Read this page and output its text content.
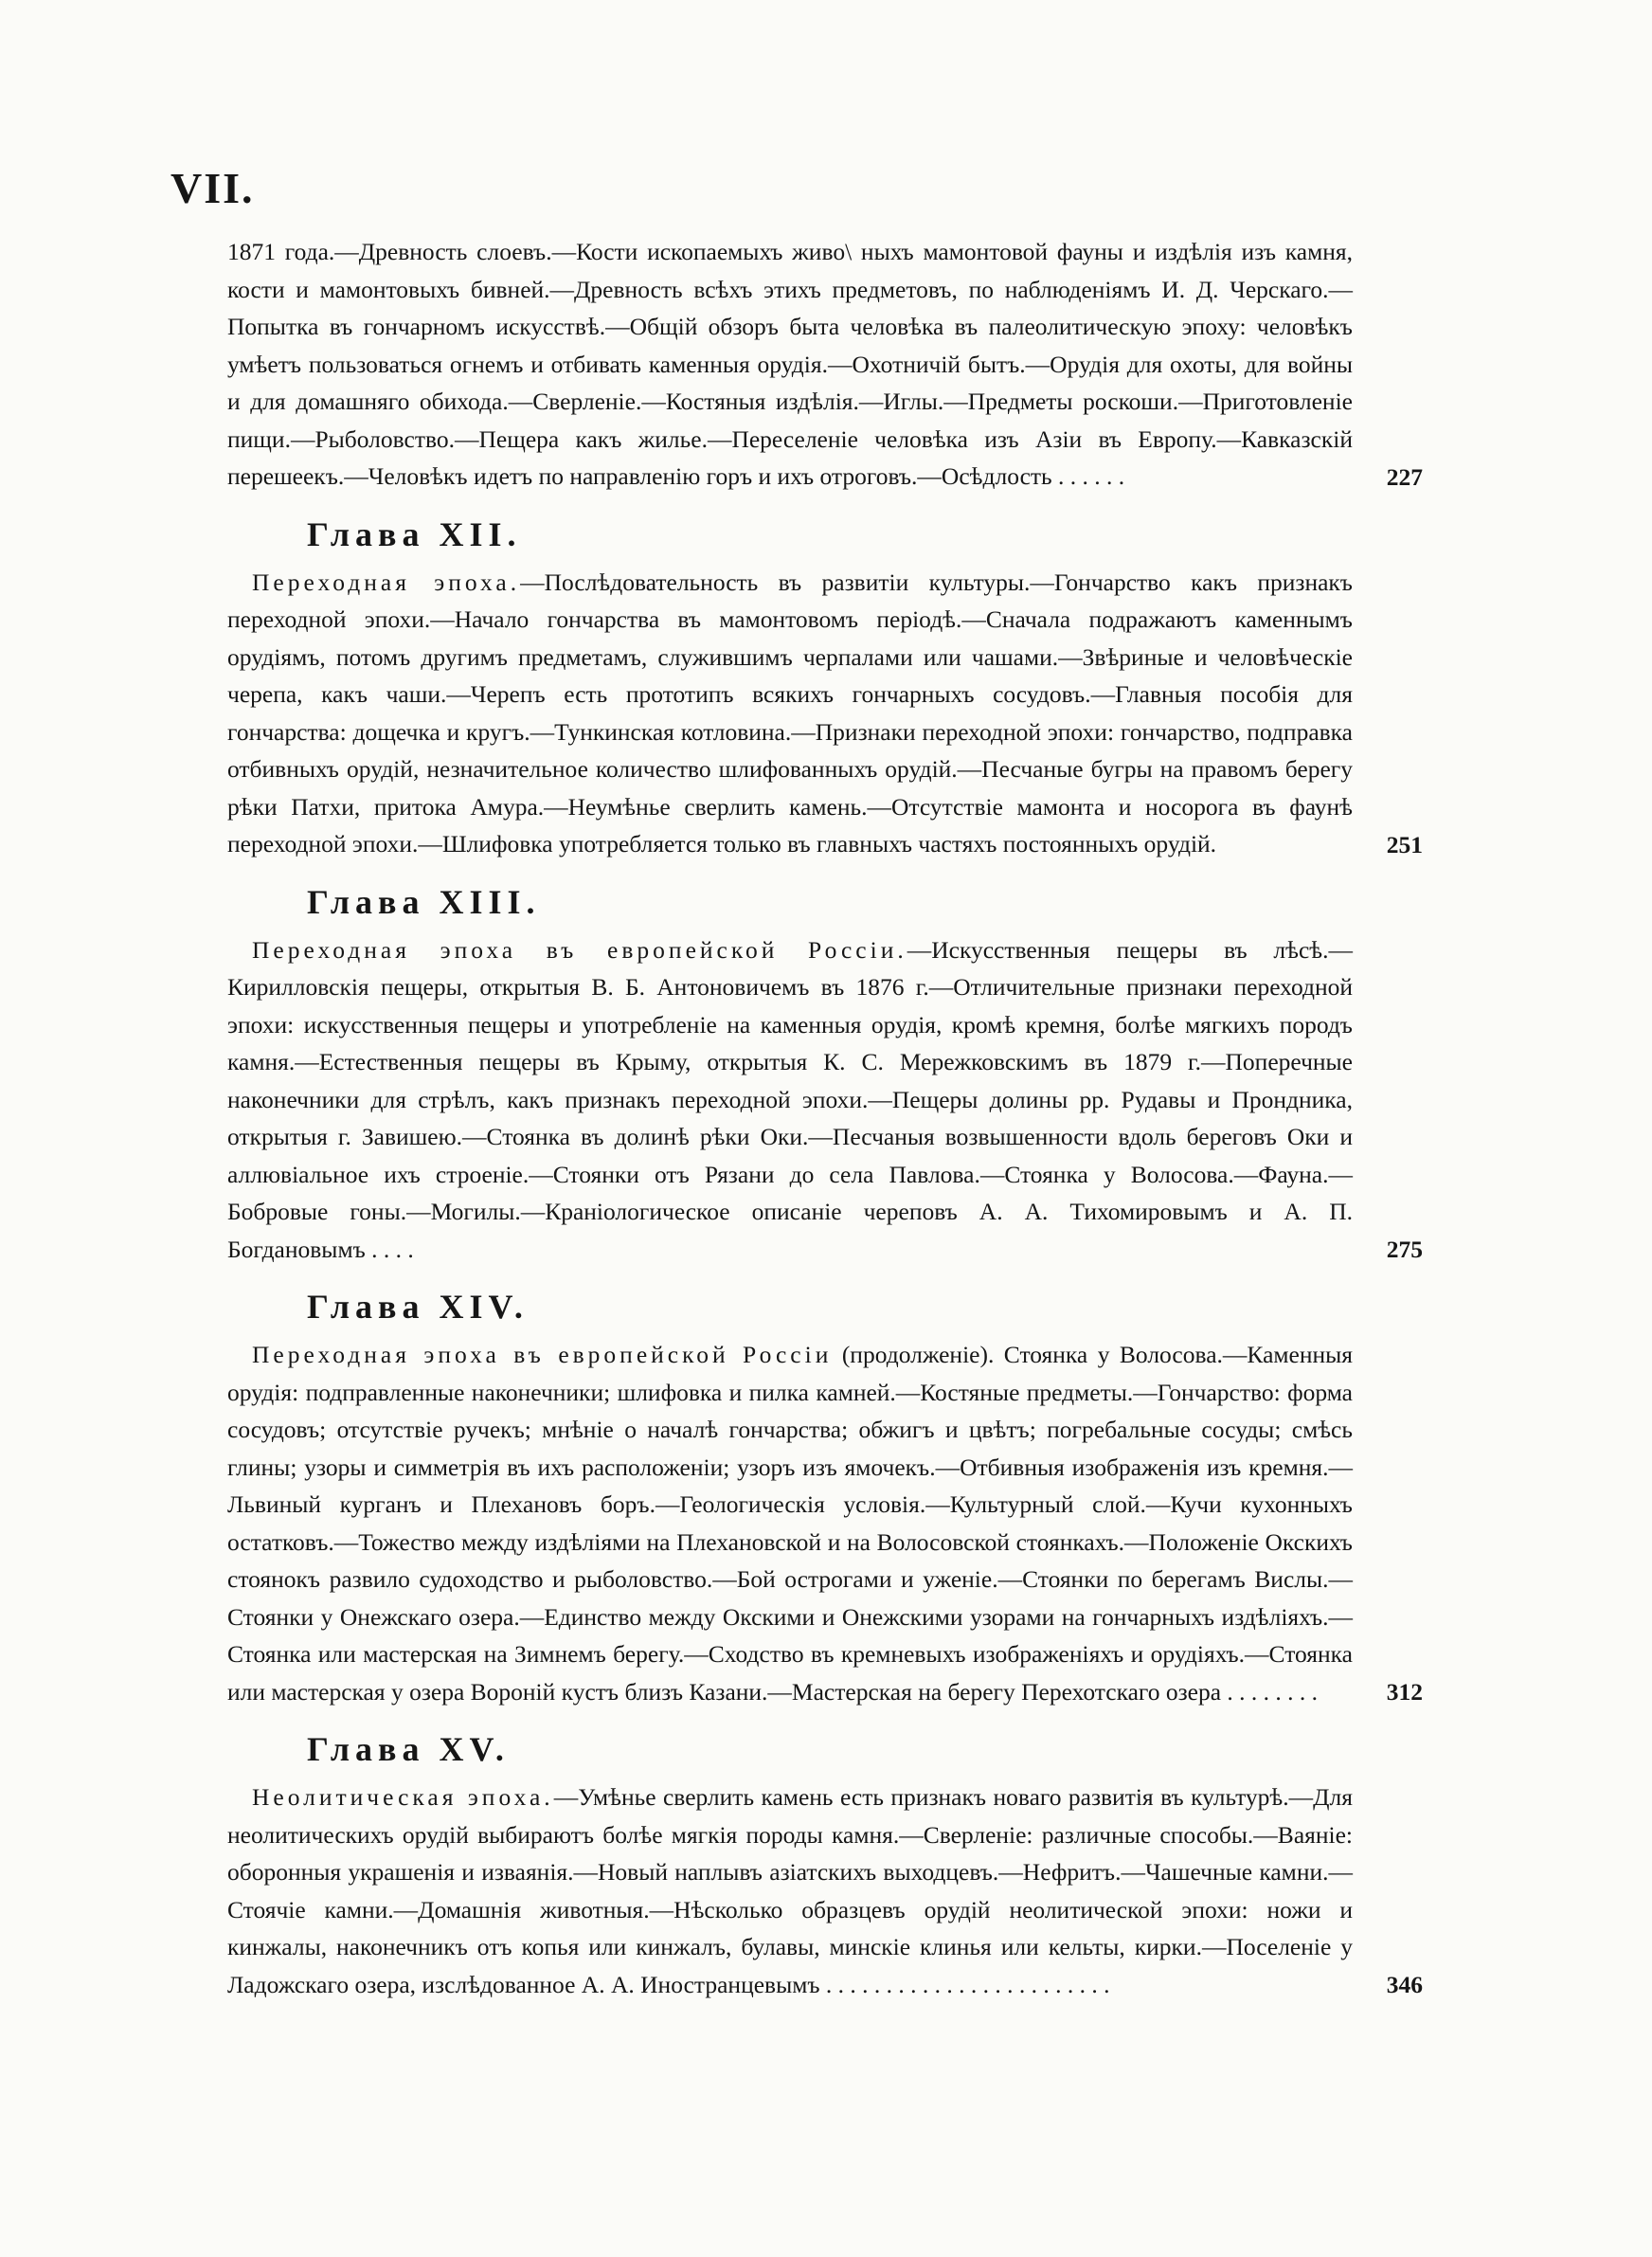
VII.
1871 года.—Древность слоевъ.—Кости ископаемыхъ живо\ ныхъ мамонтовой фауны и издѣлія изъ камня, кости и мамонтовыхъ бивней.—Древность всѣхъ этихъ предметовъ, по наблюденіямъ И. Д. Черскаго.—Попытка въ гончарномъ искусствѣ.—Общій обзоръ быта человѣка въ палеолитическую эпоху: человѣкъ умѣетъ пользоваться огнемъ и отбивать каменныя орудія.—Охотничій бытъ.—Орудія для охоты, для войны и для домашняго обихода.—Сверленіе.—Костяныя издѣлія.—Иглы.—Предметы роскоши.—Приготовленіе пищи.—Рыболовство.—Пещера какъ жилье.—Переселеніе человѣка изъ Азіи въ Европу.—Кавказскій перешеекъ.—Человѣкъ идетъ по направленію горъ и ихъ отроговъ.—Осѣдлость . . . . . .	227
Глава XII.
Переходная эпоха.—Послѣдовательность въ развитіи культуры.—Гончарство какъ признакъ переходной эпохи.—Начало гончарства въ мамонтовомъ періодѣ.—Сначала подражаютъ каменнымъ орудіямъ, потомъ другимъ предметамъ, служившимъ черпалами или чашами.—Звѣриные и человѣческіе черепа, какъ чаши.—Черепъ есть прототипъ всякихъ гончарныхъ сосудовъ.—Главныя пособія для гончарства: дощечка и кругъ.—Тункинская котловина.—Признаки переходной эпохи: гончарство, подправка отбивныхъ орудій, незначительное количество шлифованныхъ орудій.—Песчаные бугры на правомъ берегу рѣки Патхи, притока Амура.—Неумѣнье сверлить камень.—Отсутствіе мамонта и носорога въ фаунѣ переходной эпохи.—Шлифовка употребляется только въ главныхъ частяхъ постоянныхъ орудій.	251
Глава XIII.
Переходная эпоха въ европейской Россіи.—Искусственныя пещеры въ лѣсѣ.—Кирилловскія пещеры, открытыя В. Б. Антоновичемъ въ 1876 г.—Отличительные признаки переходной эпохи: искусственныя пещеры и употребленіе на каменныя орудія, кромѣ кремня, болѣе мягкихъ породъ камня.—Естественныя пещеры въ Крыму, открытыя К. С. Мережковскимъ въ 1879 г.—Поперечные наконечники для стрѣлъ, какъ признакъ переходной эпохи.—Пещеры долины рр. Рудавы и Прондника, открытыя г. Завишею.—Стоянка въ долинѣ рѣки Оки.—Песчаныя возвышенности вдоль береговъ Оки и аллювіальное ихъ строеніе.—Стоянки отъ Рязани до села Павлова.—Стоянка у Волосова.—Фауна.—Бобровые гоны.—Могилы.—Краніологическое описаніе череповъ А. А. Тихомировымъ и А. П. Богдановымъ . . . .	275
Глава XIV.
Переходная эпоха въ европейской Россіи (продолженіе). Стоянка у Волосова.—Каменныя орудія: подправленные наконечники; шлифовка и пилка камней.—Костяные предметы.—Гончарство: форма сосудовъ; отсутствіе ручекъ; мнѣніе о началѣ гончарства; обжигъ и цвѣтъ; погребальные сосуды; смѣсь глины; узоры и симметрія въ ихъ расположеніи; узоръ изъ ямочекъ.—Отбивныя изображенія изъ кремня.—Львиный курганъ и Плехановъ боръ.—Геологическія условія.—Культурный слой.—Кучи кухонныхъ остатковъ.—Тожество между издѣліями на Плехановской и на Волосовской стоянкахъ.—Положеніе Окскихъ стоянокъ развило судоходство и рыболовство.—Бой острогами и уженіе.—Стоянки по берегамъ Вислы.—Стоянки у Онежскаго озера.—Единство между Окскими и Онежскими узорами на гончарныхъ издѣліяхъ.—Стоянка или мастерская на Зимнемъ берегу.—Сходство въ кремневыхъ изображеніяхъ и орудіяхъ.—Стоянка или мастерская у озера Воронiй кустъ близъ Казани.—Мастерская на берегу Перехотскаго озера . . . . . . . .	312
Глава XV.
Неолитическая эпоха.—Умѣнье сверлить камень есть признакъ новаго развитія въ культурѣ.—Для неолитическихъ орудій выбираютъ болѣе мягкія породы камня.—Сверленіе: различные способы.—Ваяніе: оборонныя украшенія и изваянія.—Новый наплывъ азіатскихъ выходцевъ.—Нефритъ.—Чашечные камни.—Стоячіе камни.—Домашнія животныя.—Нѣсколько образцевъ орудій неолитической эпохи: ножи и кинжалы, наконечникъ отъ копья или кинжалъ, булавы, минскіе клинья или кельты, кирки.—Поселеніе у Ладожскаго озера, изслѣдованное А. А. Иностранцевымъ . . . . . . . . . . . . . . . . . . . . . . . .	346
